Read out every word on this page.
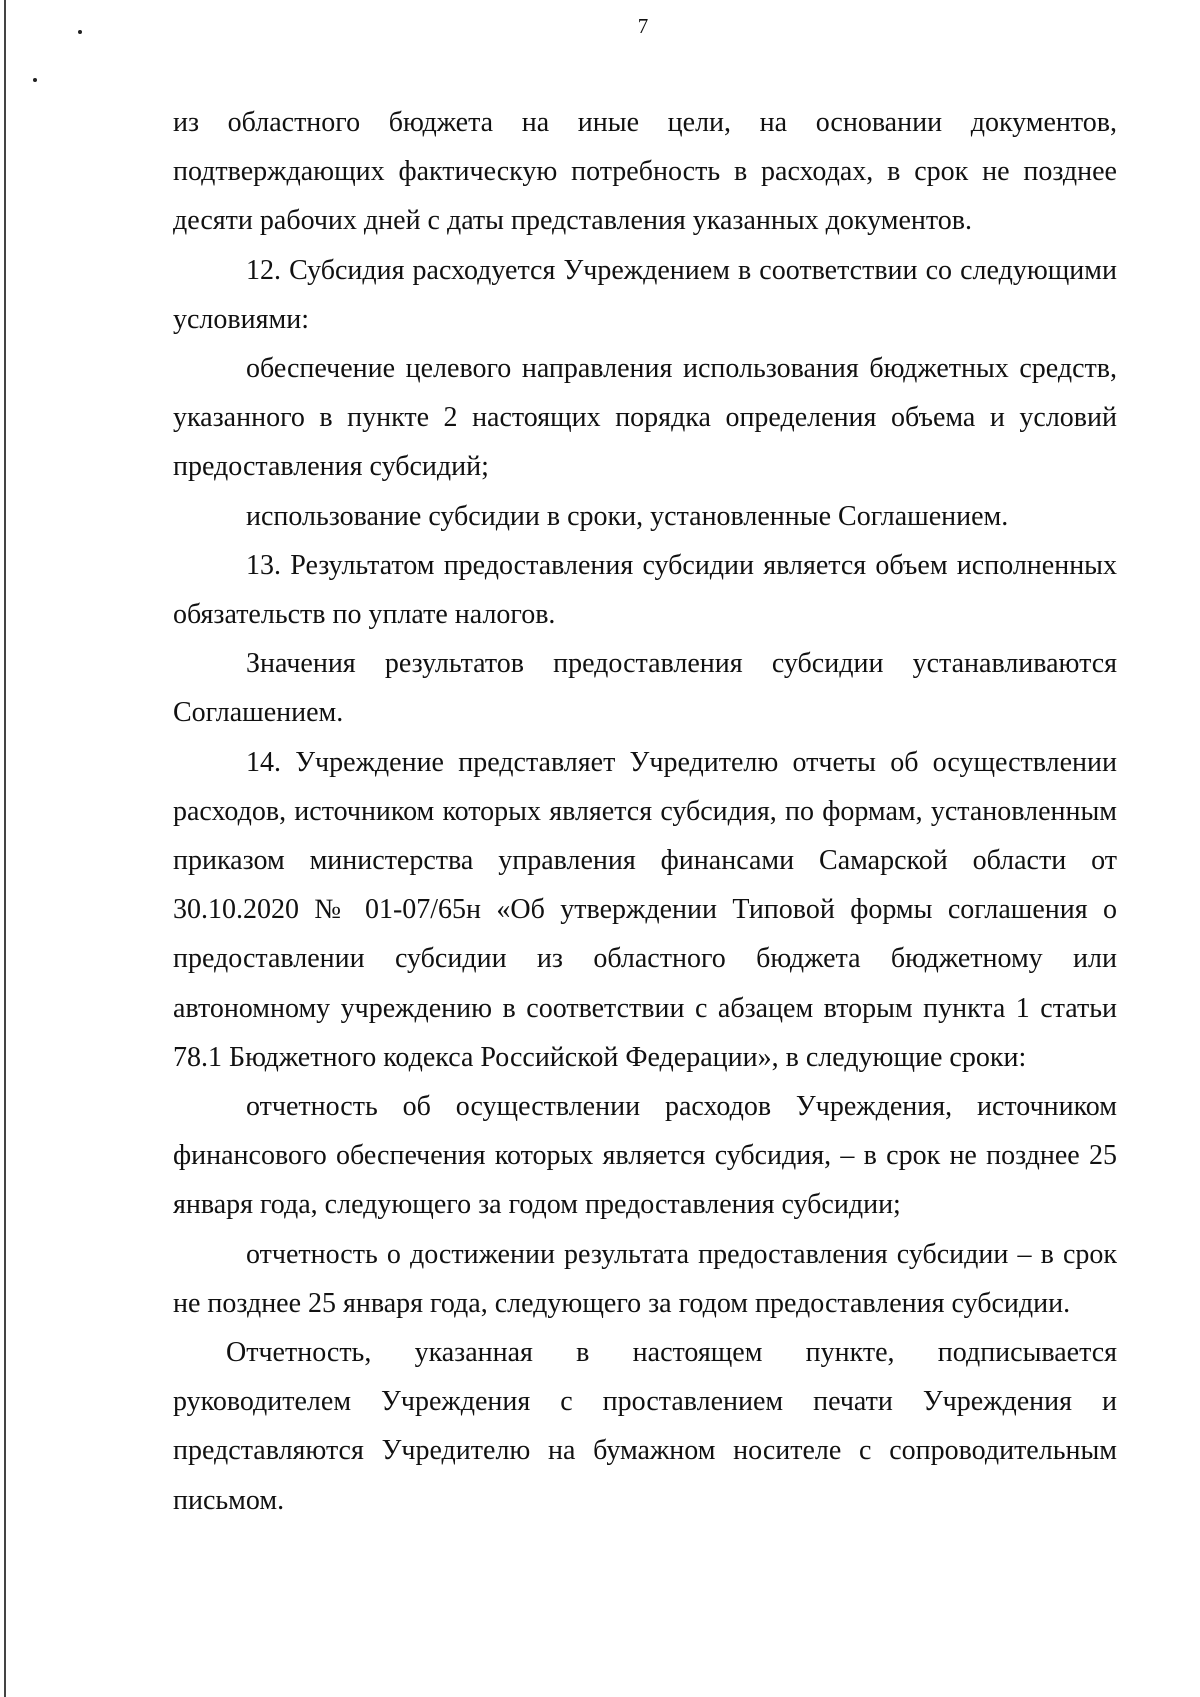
7

из областного бюджета на иные цели, на основании документов, подтверждающих фактическую потребность в расходах, в срок не позднее десяти рабочих дней с даты представления указанных документов.

12. Субсидия расходуется Учреждением в соответствии со следующими условиями:

обеспечение целевого направления использования бюджетных средств, указанного в пункте 2 настоящих порядка определения объема и условий предоставления субсидий;

использование субсидии в сроки, установленные Соглашением.

13. Результатом предоставления субсидии является объем исполненных обязательств по уплате налогов.

Значения результатов предоставления субсидии устанавливаются Соглашением.

14. Учреждение представляет Учредителю отчеты об осуществлении расходов, источником которых является субсидия, по формам, установленным приказом министерства управления финансами Самарской области от 30.10.2020 № 01-07/65н «Об утверждении Типовой формы соглашения о предоставлении субсидии из областного бюджета бюджетному или автономному учреждению в соответствии с абзацем вторым пункта 1 статьи 78.1 Бюджетного кодекса Российской Федерации», в следующие сроки:

отчетность об осуществлении расходов Учреждения, источником финансового обеспечения которых является субсидия, – в срок не позднее 25 января года, следующего за годом предоставления субсидии;

отчетность о достижении результата предоставления субсидии – в срок не позднее 25 января года, следующего за годом предоставления субсидии.

Отчетность, указанная в настоящем пункте, подписывается руководителем Учреждения с проставлением печати Учреждения и представляются Учредителю на бумажном носителе с сопроводительным письмом.
